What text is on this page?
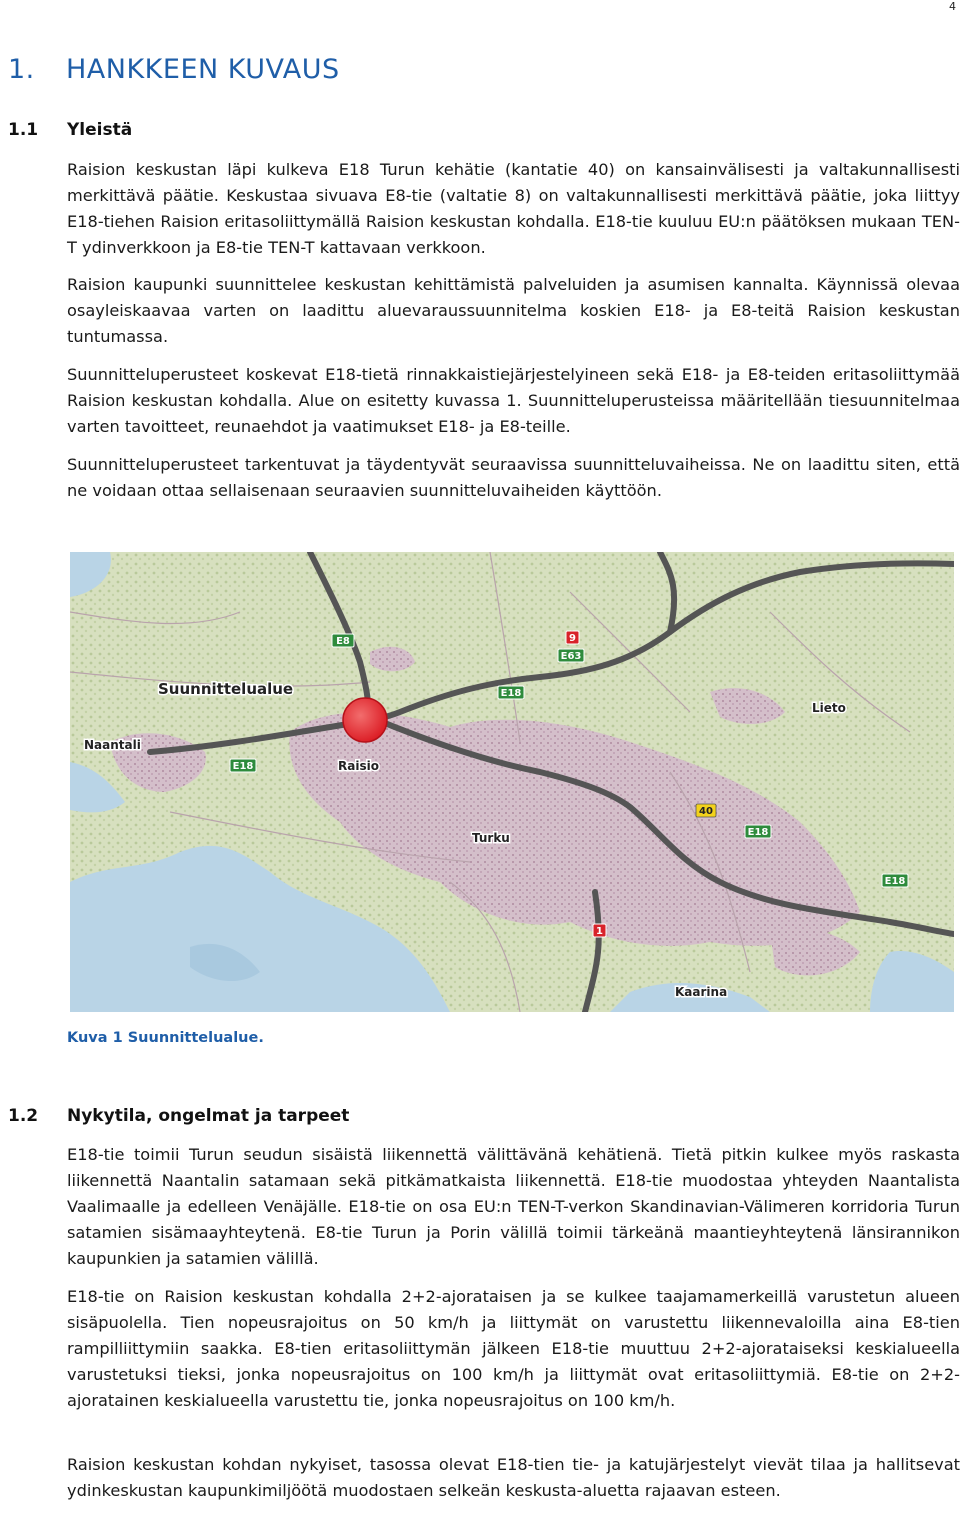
4
1. HANKKEEN KUVAUS
1.1 Yleistä

Raision keskustan läpi kulkeva E18 Turun kehätie (kantatie 40) on kansainvälisesti ja valtakunnallisesti merkittävä päätie. Keskustaa sivuava E8-tie (valtatie 8) on valtakunnallisesti merkittävä päätie, joka liittyy E18-tiehen Raision eritasoliittymällä Raision keskustan kohdalla. E18-tie kuuluu EU:n päätöksen mukaan TEN-T ydinverkkoon ja E8-tie TEN-T kattavaan verkkoon.

Raision kaupunki suunnittelee keskustan kehittämistä palveluiden ja asumisen kannalta. Käynnissä olevaa osayleiskaavaa varten on laadittu aluevaraussuunnitelma koskien E18- ja E8-teitä Raision keskustan tuntumassa.

Suunnitteluperusteet koskevat E18-tietä rinnakkaistiejärjestelyineen sekä E18- ja E8-teiden eritasoliittymää Raision keskustan kohdalla. Alue on esitetty kuvassa 1. Suunnitteluperusteissa määritellään tiesuunnitelmaa varten tavoitteet, reunaehdot ja vaatimukset E18- ja E8-teille.

Suunnitteluperusteet tarkentuvat ja täydentyvät seuraavissa suunnitteluvaiheissa. Ne on laadittu siten, että ne voidaan ottaa sellaisenaan seuraavien suunnitteluvaiheiden käyttöön.

E8
E18
E18
E18
E18
E63
9
40
1
Suunnittelualue
Naantali
Raisio
Turku
Lieto
Kaarina
Kuva 1 Suunnittelualue.
1.2 Nykytila, ongelmat ja tarpeet

E18-tie toimii Turun seudun sisäistä liikennettä välittävänä kehätienä. Tietä pitkin kulkee myös raskasta liikennettä Naantalin satamaan sekä pitkämatkaista liikennettä. E18-tie muodostaa yhteyden Naantalista Vaalimaalle ja edelleen Venäjälle. E18-tie on osa EU:n TEN-T-verkon Skandinavian-Välimeren korridoria Turun satamien sisämaayhteytenä. E8-tie Turun ja Porin välillä toimii tärkeänä maantieyhteytenä länsirannikon kaupunkien ja satamien välillä.

E18-tie on Raision keskustan kohdalla 2+2-ajorataisen ja se kulkee taajamamerkeillä varustetun alueen sisäpuolella. Tien nopeusrajoitus on 50 km/h ja liittymät on varustettu liikennevaloilla aina E8-tien rampilliittymiin saakka. E8-tien eritasoliittymän jälkeen E18-tie muuttuu 2+2-ajorataiseksi keskialueella varustetuksi tieksi, jonka nopeusrajoitus on 100 km/h ja liittymät ovat eritasoliittymiä. E8-tie on 2+2-ajoratainen keskialueella varustettu tie, jonka nopeusrajoitus on 100 km/h.

Raision keskustan kohdan nykyiset, tasossa olevat E18-tien tie- ja katujärjestelyt vievät tilaa ja hallitsevat ydinkeskustan kaupunkimiljöötä muodostaen selkeän keskusta-aluetta rajaavan esteen.
